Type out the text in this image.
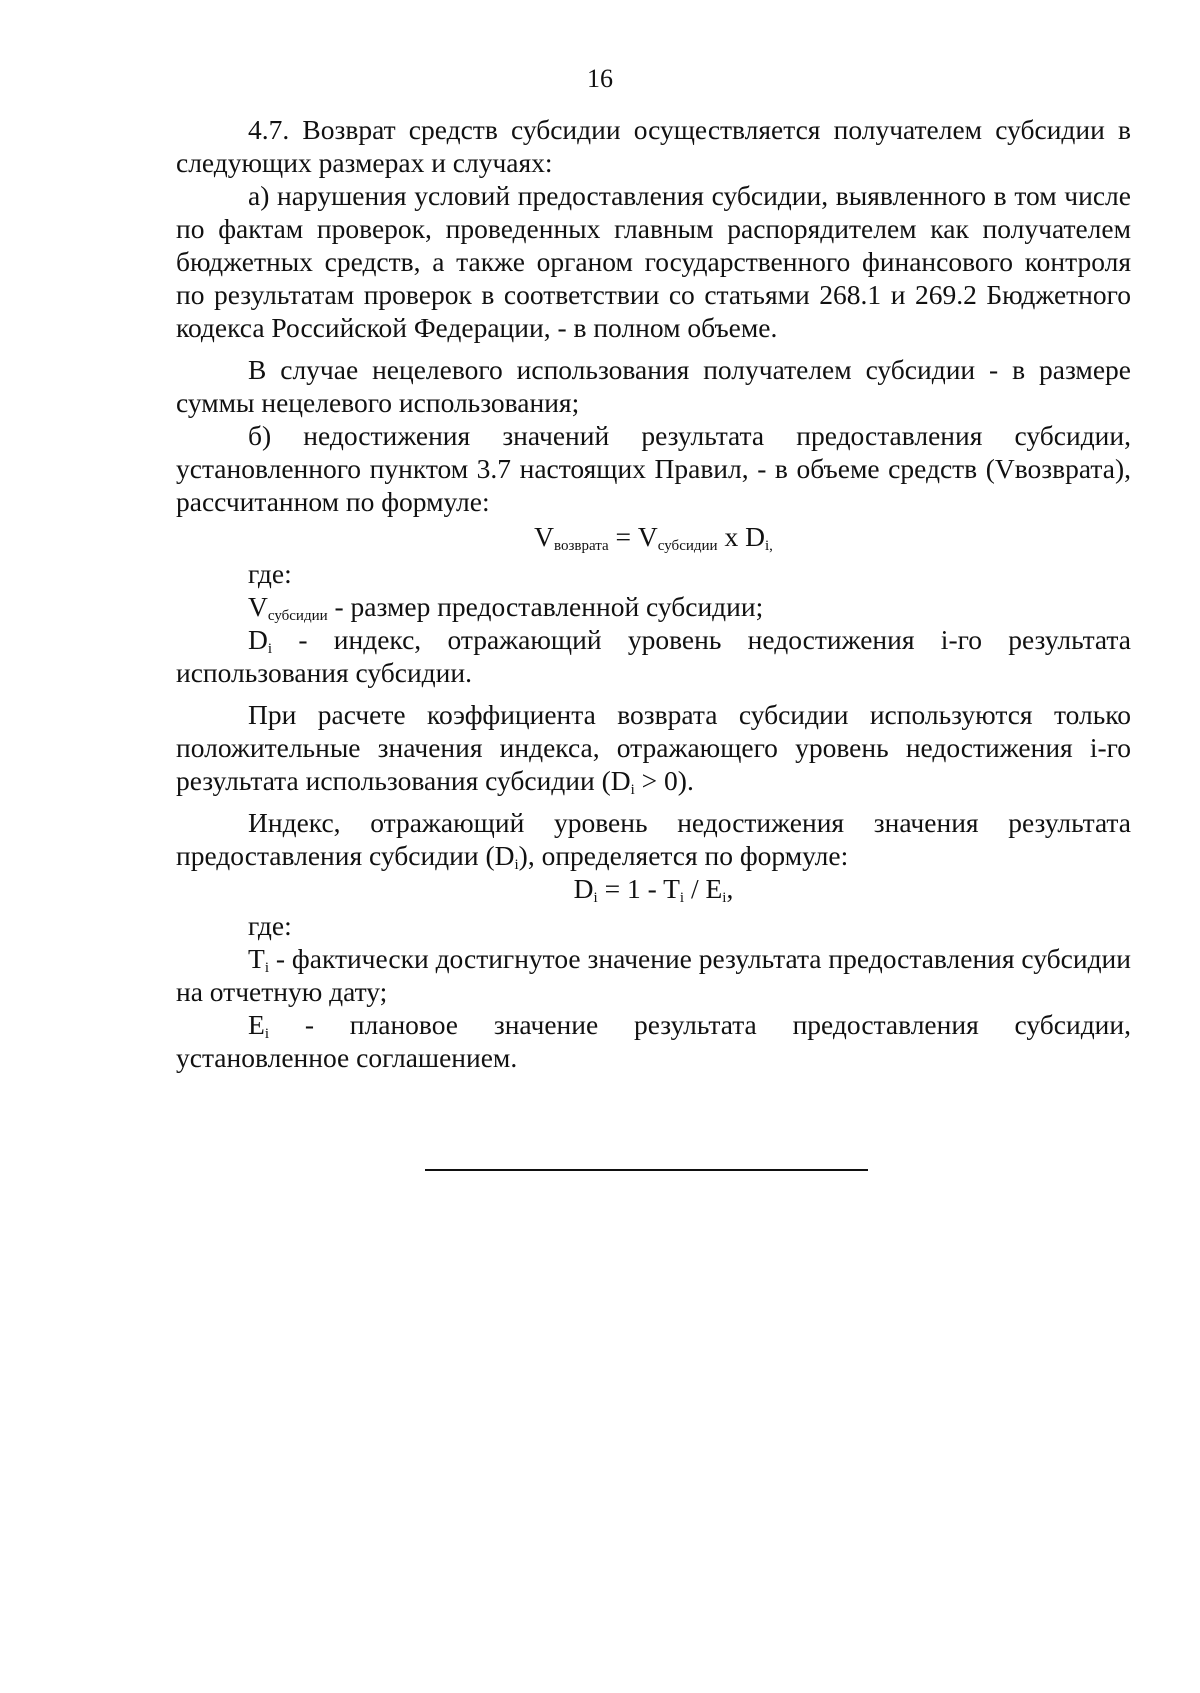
16

4.7. Возврат средств субсидии осуществляется получателем субсидии в следующих размерах и случаях:

а) нарушения условий предоставления субсидии, выявленного в том числе по фактам проверок, проведенных главным распорядителем как получателем бюджетных средств, а также органом государственного финансового контроля по результатам проверок в соответствии со статьями 268.1 и 269.2 Бюджетного кодекса Российской Федерации, - в полном объеме.

В случае нецелевого использования получателем субсидии - в размере суммы нецелевого использования;

б) недостижения значений результата предоставления субсидии, установленного пунктом 3.7 настоящих Правил, - в объеме средств (Vвозврата), рассчитанном по формуле:

$V_{возврата} = V_{субсидии}$ х $D_{i,}$

где:

$V_{субсидии}$ - размер предоставленной субсидии;

$D_i$ - индекс, отражающий уровень недостижения i-го результата использования субсидии.

При расчете коэффициента возврата субсидии используются только положительные значения индекса, отражающего уровень недостижения i-го результата использования субсидии $(D_i > 0)$.

Индекс, отражающий уровень недостижения значения результата предоставления субсидии $(D_i)$, определяется по формуле:

$D_i = 1 - T_i / E_i$,

где:

$T_i$ - фактически достигнутое значение результата предоставления субсидии на отчетную дату;

$E_i$ - плановое значение результата предоставления субсидии, установленное соглашением.
